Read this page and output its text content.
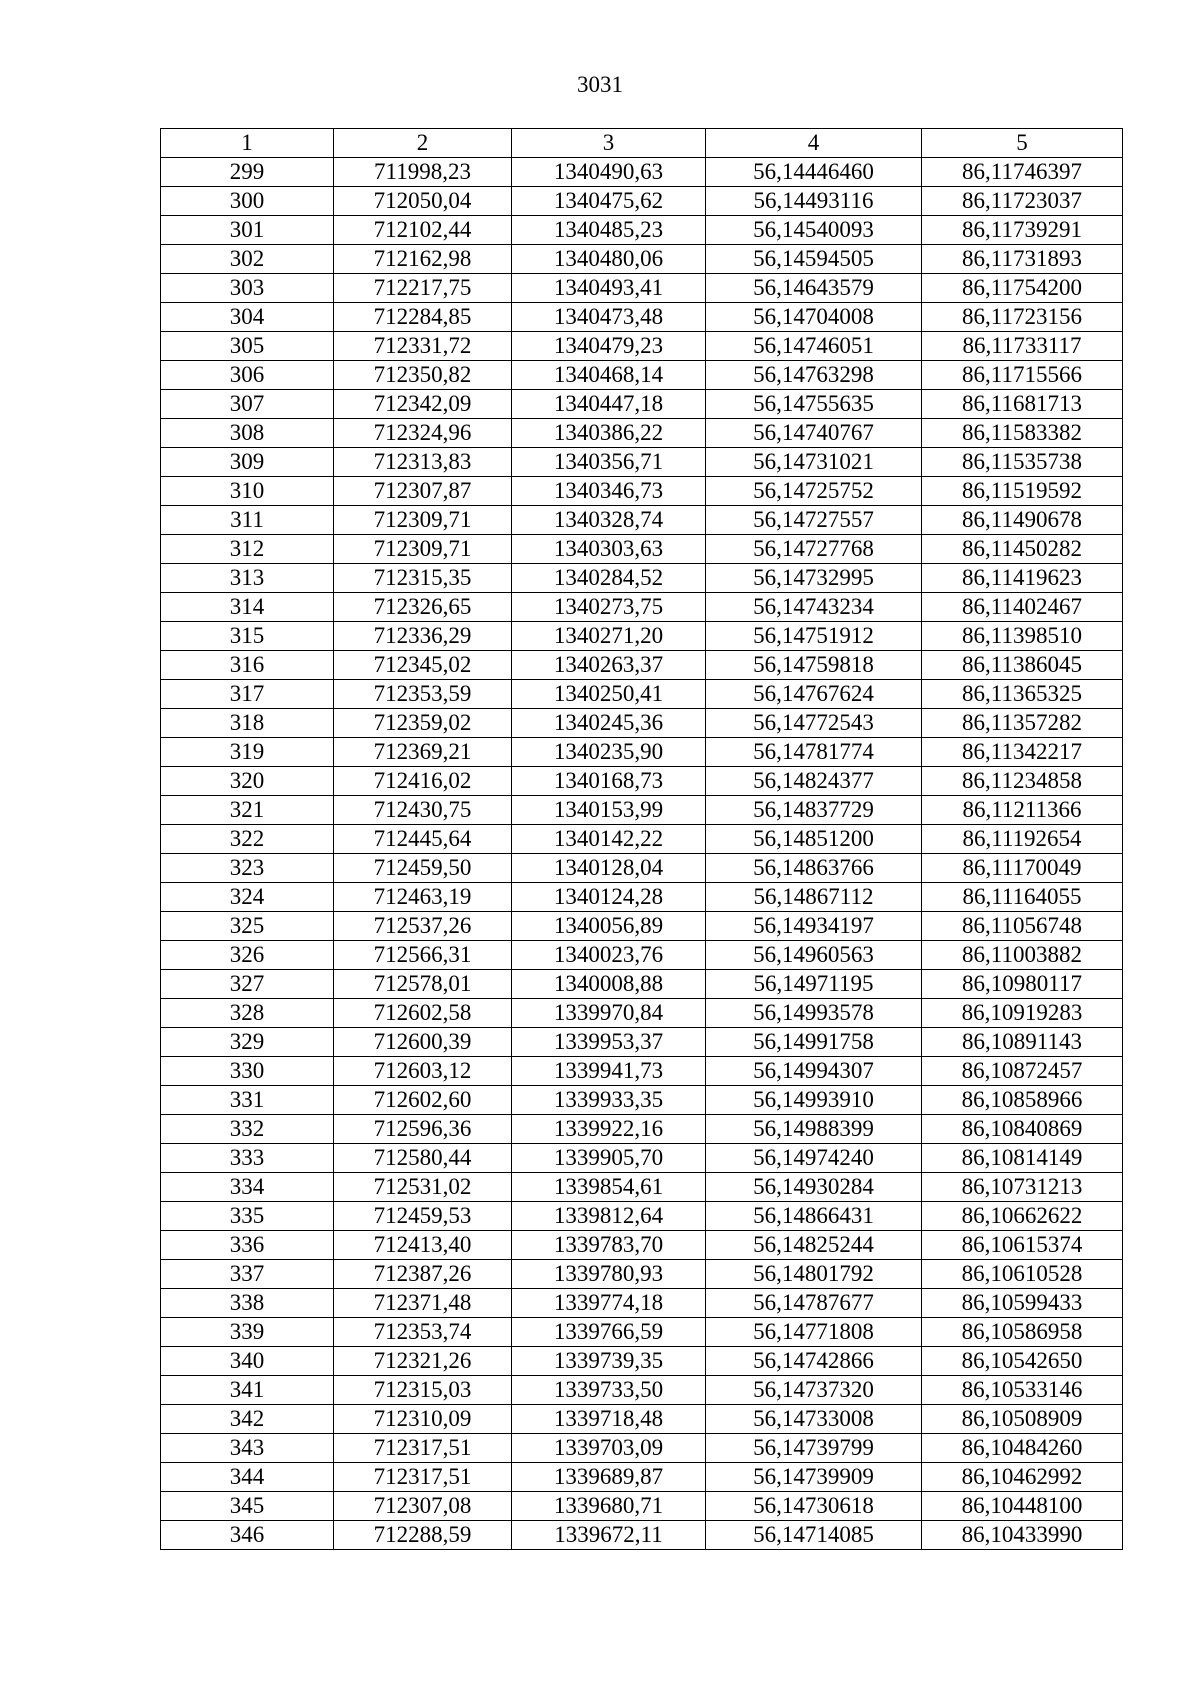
3031
1	2	3	4	5
299	711998,23	1340490,63	56,14446460	86,11746397
300	712050,04	1340475,62	56,14493116	86,11723037
301	712102,44	1340485,23	56,14540093	86,11739291
302	712162,98	1340480,06	56,14594505	86,11731893
303	712217,75	1340493,41	56,14643579	86,11754200
304	712284,85	1340473,48	56,14704008	86,11723156
305	712331,72	1340479,23	56,14746051	86,11733117
306	712350,82	1340468,14	56,14763298	86,11715566
307	712342,09	1340447,18	56,14755635	86,11681713
308	712324,96	1340386,22	56,14740767	86,11583382
309	712313,83	1340356,71	56,14731021	86,11535738
310	712307,87	1340346,73	56,14725752	86,11519592
311	712309,71	1340328,74	56,14727557	86,11490678
312	712309,71	1340303,63	56,14727768	86,11450282
313	712315,35	1340284,52	56,14732995	86,11419623
314	712326,65	1340273,75	56,14743234	86,11402467
315	712336,29	1340271,20	56,14751912	86,11398510
316	712345,02	1340263,37	56,14759818	86,11386045
317	712353,59	1340250,41	56,14767624	86,11365325
318	712359,02	1340245,36	56,14772543	86,11357282
319	712369,21	1340235,90	56,14781774	86,11342217
320	712416,02	1340168,73	56,14824377	86,11234858
321	712430,75	1340153,99	56,14837729	86,11211366
322	712445,64	1340142,22	56,14851200	86,11192654
323	712459,50	1340128,04	56,14863766	86,11170049
324	712463,19	1340124,28	56,14867112	86,11164055
325	712537,26	1340056,89	56,14934197	86,11056748
326	712566,31	1340023,76	56,14960563	86,11003882
327	712578,01	1340008,88	56,14971195	86,10980117
328	712602,58	1339970,84	56,14993578	86,10919283
329	712600,39	1339953,37	56,14991758	86,10891143
330	712603,12	1339941,73	56,14994307	86,10872457
331	712602,60	1339933,35	56,14993910	86,10858966
332	712596,36	1339922,16	56,14988399	86,10840869
333	712580,44	1339905,70	56,14974240	86,10814149
334	712531,02	1339854,61	56,14930284	86,10731213
335	712459,53	1339812,64	56,14866431	86,10662622
336	712413,40	1339783,70	56,14825244	86,10615374
337	712387,26	1339780,93	56,14801792	86,10610528
338	712371,48	1339774,18	56,14787677	86,10599433
339	712353,74	1339766,59	56,14771808	86,10586958
340	712321,26	1339739,35	56,14742866	86,10542650
341	712315,03	1339733,50	56,14737320	86,10533146
342	712310,09	1339718,48	56,14733008	86,10508909
343	712317,51	1339703,09	56,14739799	86,10484260
344	712317,51	1339689,87	56,14739909	86,10462992
345	712307,08	1339680,71	56,14730618	86,10448100
346	712288,59	1339672,11	56,14714085	86,10433990
